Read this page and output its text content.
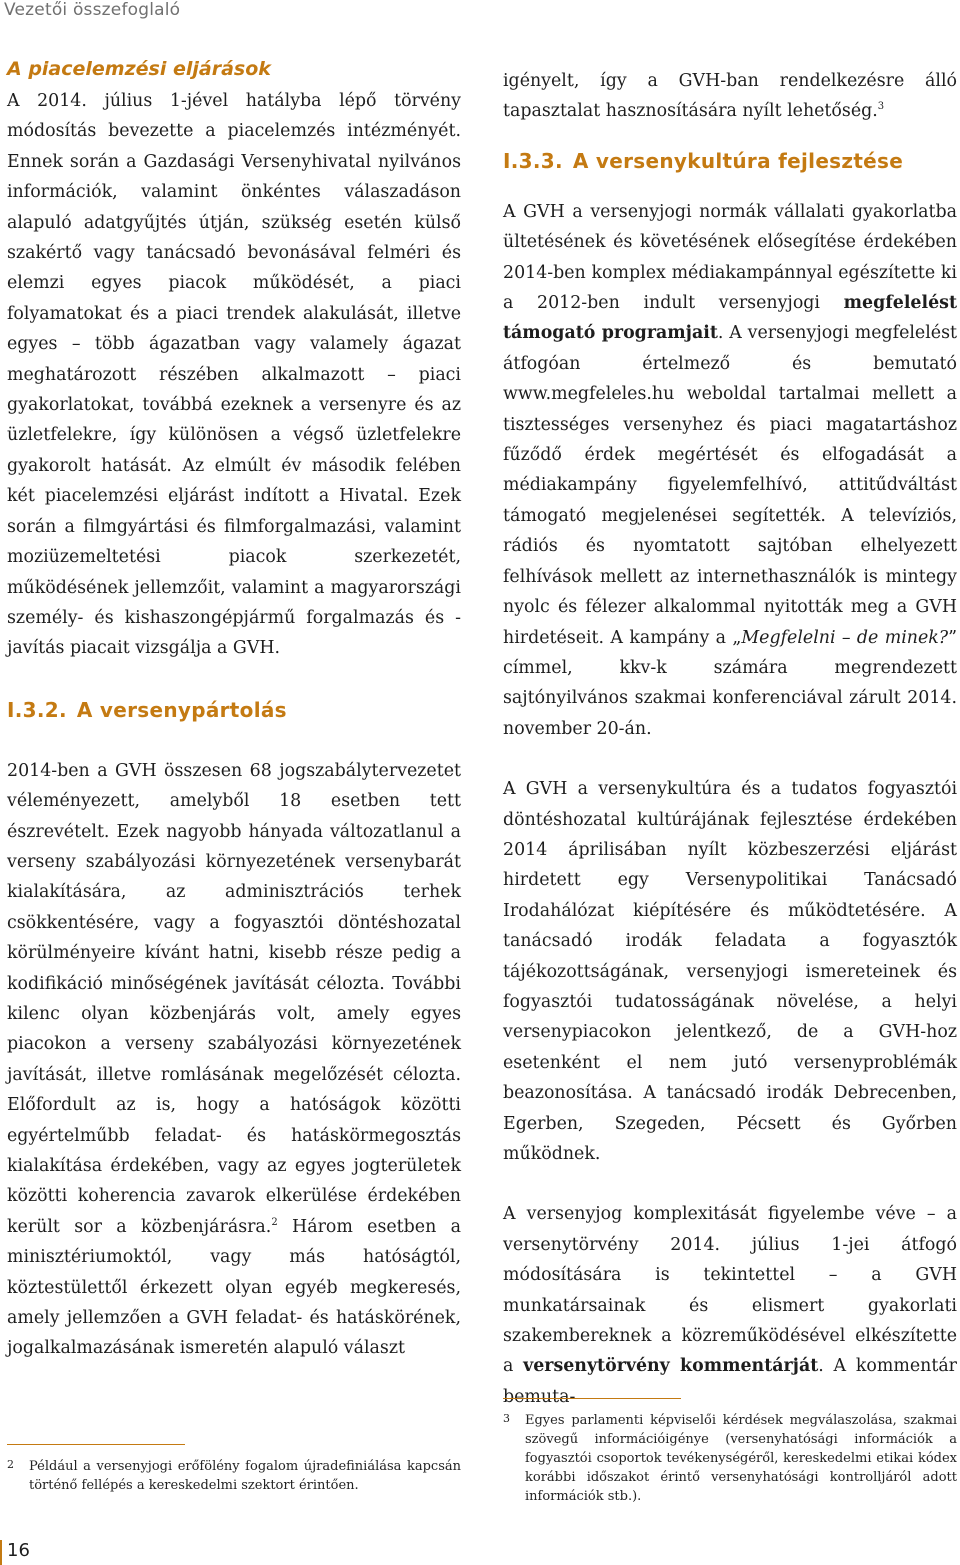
Vezetői összefoglaló
A piacelemzési eljárások
A 2014. július 1-jével hatályba lépő törvény módosítás bevezette a piacelemzés intézményét. Ennek során a Gazdasági Versenyhivatal nyilvános információk, valamint önkéntes válaszadáson alapuló adatgyűjtés útján, szükség esetén külső szakértő vagy tanácsadó bevonásával felméri és elemzi egyes piacok működését, a piaci folyamatokat és a piaci trendek alakulását, illetve egyes – több ágazatban vagy valamely ágazat meghatározott részében alkalmazott – piaci gyakorlatokat, továbbá ezeknek a versenyre és az üzletfelekre, így különösen a végső üzletfelekre gyakorolt hatását. Az elmúlt év második felében két piacelemzési eljárást indított a Hivatal. Ezek során a filmgyártási és filmforgalmazási, valamint moziüzemeltetési piacok szerkezetét, működésének jellemzőit, valamint a magyarországi személy- és kishaszongépjármű forgalmazás és -javítás piacait vizsgálja a GVH.
I.3.2. A versenypártolás
2014-ben a GVH összesen 68 jogszabálytervezetet véleményezett, amelyből 18 esetben tett észrevételt. Ezek nagyobb hányada változatlanul a verseny szabályozási környezetének versenybarát kialakítására, az adminisztrációs terhek csökkentésére, vagy a fogyasztói döntéshozatal körülményeire kívánt hatni, kisebb része pedig a kodifikáció minőségének javítását célozta. További kilenc olyan közbenjárás volt, amely egyes piacokon a verseny szabályozási környezetének javítását, illetve romlásának megelőzését célozta. Előfordult az is, hogy a hatóságok közötti egyértelműbb feladat- és hatáskörmegosztás kialakítása érdekében, vagy az egyes jogterületek közötti koherencia zavarok elkerülése érdekében került sor a közbenjárásra.$^2$ Három esetben a minisztériumoktól, vagy más hatóságtól, köztestülettől érkezett olyan egyéb megkeresés, amely jellemzően a GVH feladat- és hatáskörének, jogalkalmazásának ismeretén alapuló választ
2	Például a versenyjogi erőfölény fogalom újradefiniálása kapcsán történő fellépés a kereskedelmi szektort érintően.
igényelt, így a GVH-ban rendelkezésre álló tapasztalat hasznosítására nyílt lehetőség.$^3$
I.3.3. A versenykultúra fejlesztése
A GVH a versenyjogi normák vállalati gyakorlatba ültetésének és követésének elősegítése érdekében 2014-ben komplex médiakampánnyal egészítette ki a 2012-ben indult versenyjogi megfelelést támogató programjait. A versenyjogi megfelelést átfogóan értelmező és bemutató www.megfeleles.hu weboldal tartalmai mellett a tisztességes versenyhez és piaci magatartáshoz fűződő érdek megértését és elfogadását a médiakampány figyelemfelhívó, attitűdváltást támogató megjelenései segítették. A televíziós, rádiós és nyomtatott sajtóban elhelyezett felhívások mellett az internethasználók is mintegy nyolc és félezer alkalommal nyitották meg a GVH hirdetéseit. A kampány a „Megfelelni – de minek?” címmel, kkv-k számára megrendezett sajtónyilvános szakmai konferenciával zárult 2014. november 20-án.
A GVH a versenykultúra és a tudatos fogyasztói döntéshozatal kultúrájának fejlesztése érdekében 2014 áprilisában nyílt közbeszerzési eljárást hirdetett egy Versenypolitikai Tanácsadó Irodahálózat kiépítésére és működtetésére. A tanácsadó irodák feladata a fogyasztók tájékozottságának, versenyjogi ismereteinek és fogyasztói tudatosságának növelése, a helyi versenypiacokon jelentkező, de a GVH-hoz esetenként el nem jutó versenyproblémák beazonosítása. A tanácsadó irodák Debrecenben, Egerben, Szegeden, Pécsett és Győrben működnek.
A versenyjog komplexitását figyelembe véve – a versenytörvény 2014. július 1-jei átfogó módosítására is tekintettel – a GVH munkatársainak és elismert gyakorlati szakembereknek a közreműködésével elkészítette a versenytörvény kommentárját. A kommentár bemuta-
3	Egyes parlamenti képviselői kérdések megválaszolása, szakmai szövegű információigénye (versenyhatósági információk a fogyasztói csoportok tevékenységéről, kereskedelmi etikai kódex korábbi időszakot érintő versenyhatósági kontrolljáról adott információk stb.).
16
